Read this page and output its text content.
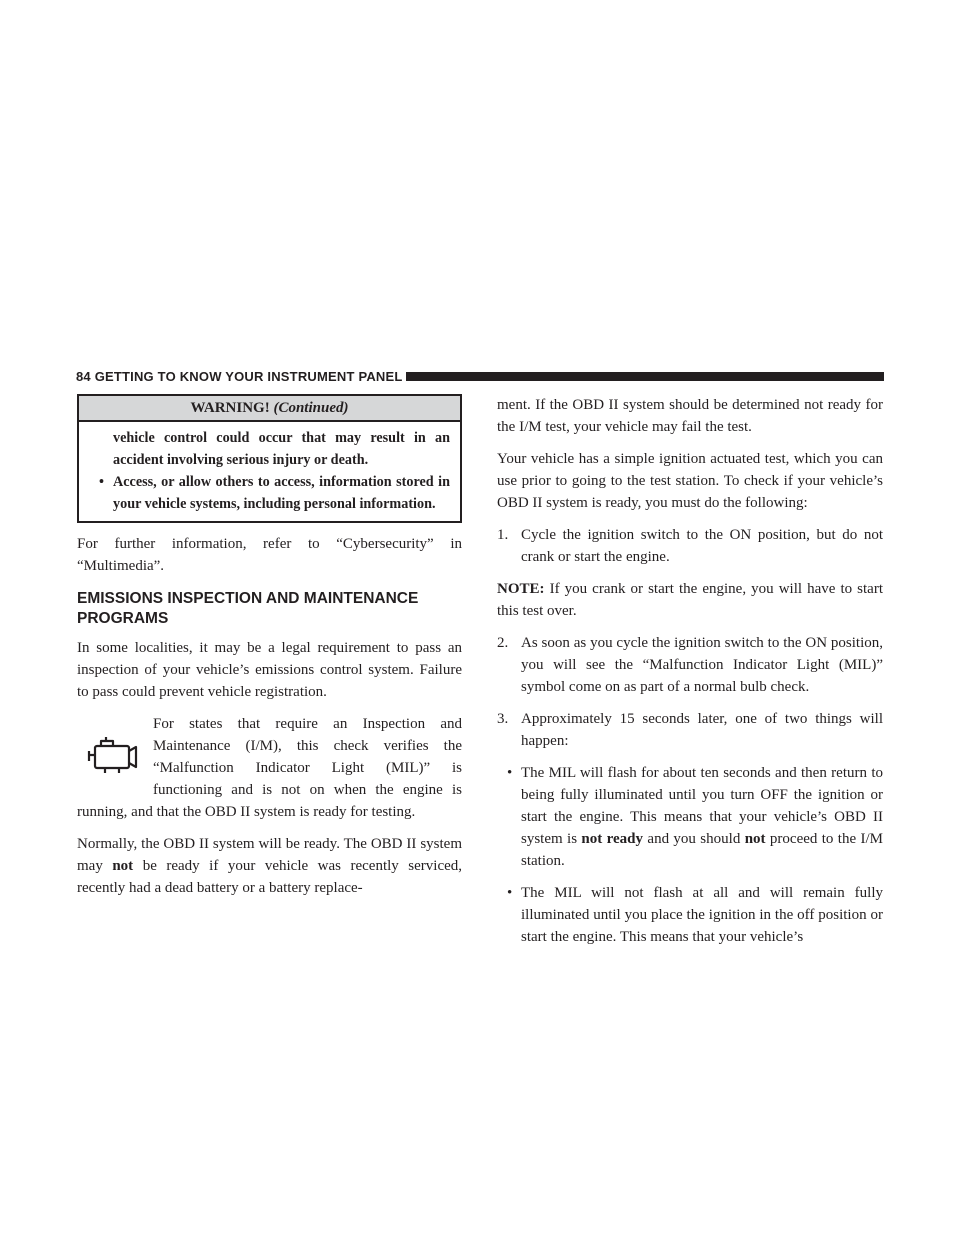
84 GETTING TO KNOW YOUR INSTRUMENT PANEL
WARNING! (Continued)
vehicle control could occur that may result in an accident involving serious injury or death.
• Access, or allow others to access, information stored in your vehicle systems, including personal information.

For further information, refer to “Cybersecurity” in “Multimedia”.

EMISSIONS INSPECTION AND MAINTENANCE PROGRAMS

In some localities, it may be a legal requirement to pass an inspection of your vehicle’s emissions control system. Failure to pass could prevent vehicle registration.

For states that require an Inspection and Maintenance (I/M), this check verifies the “Malfunction Indicator Light (MIL)” is functioning and is not on when the engine is running, and that the OBD II system is ready for testing.

Normally, the OBD II system will be ready. The OBD II system may not be ready if your vehicle was recently serviced, recently had a dead battery or a battery replace-

ment. If the OBD II system should be determined not ready for the I/M test, your vehicle may fail the test.

Your vehicle has a simple ignition actuated test, which you can use prior to going to the test station. To check if your vehicle’s OBD II system is ready, you must do the following:

1. Cycle the ignition switch to the ON position, but do not crank or start the engine.

NOTE: If you crank or start the engine, you will have to start this test over.

2. As soon as you cycle the ignition switch to the ON position, you will see the “Malfunction Indicator Light (MIL)” symbol come on as part of a normal bulb check.
3. Approximately 15 seconds later, one of two things will happen:
• The MIL will flash for about ten seconds and then return to being fully illuminated until you turn OFF the ignition or start the engine. This means that your vehicle’s OBD II system is not ready and you should not proceed to the I/M station.
• The MIL will not flash at all and will remain fully illuminated until you place the ignition in the off position or start the engine. This means that your vehicle’s
